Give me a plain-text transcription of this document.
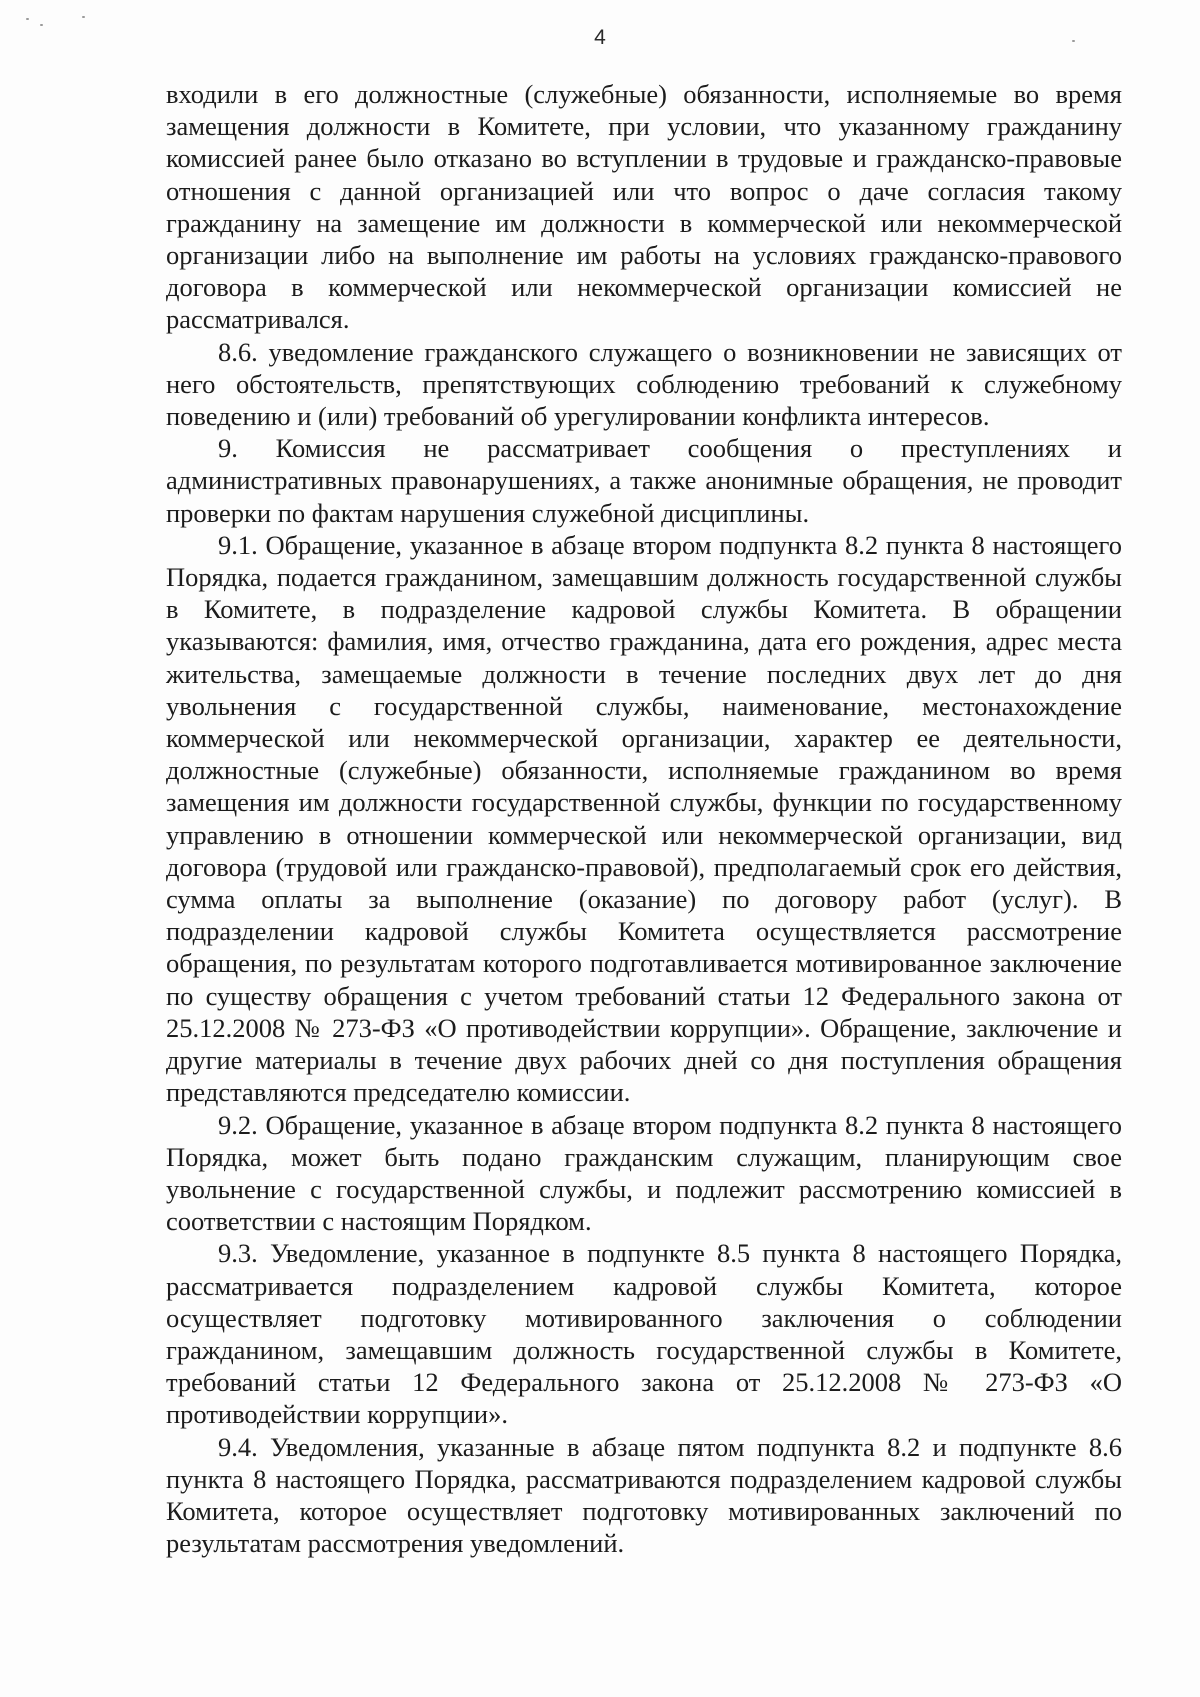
4

входили в его должностные (служебные) обязанности, исполняемые во время замещения должности в Комитете, при условии, что указанному гражданину комиссией ранее было отказано во вступлении в трудовые и гражданско-правовые отношения с данной организацией или что вопрос о даче согласия такому гражданину на замещение им должности в коммерческой или некоммерческой организации либо на выполнение им работы на условиях гражданско-правового договора в коммерческой или некоммерческой организации комиссией не рассматривался.

8.6. уведомление гражданского служащего о возникновении не зависящих от него обстоятельств, препятствующих соблюдению требований к служебному поведению и (или) требований об урегулировании конфликта интересов.

9. Комиссия не рассматривает сообщения о преступлениях и административных правонарушениях, а также анонимные обращения, не проводит проверки по фактам нарушения служебной дисциплины.

9.1. Обращение, указанное в абзаце втором подпункта 8.2 пункта 8 настоящего Порядка, подается гражданином, замещавшим должность государственной службы в Комитете, в подразделение кадровой службы Комитета. В обращении указываются: фамилия, имя, отчество гражданина, дата его рождения, адрес места жительства, замещаемые должности в течение последних двух лет до дня увольнения с государственной службы, наименование, местонахождение коммерческой или некоммерческой организации, характер ее деятельности, должностные (служебные) обязанности, исполняемые гражданином во время замещения им должности государственной службы, функции по государственному управлению в отношении коммерческой или некоммерческой организации, вид договора (трудовой или гражданско-правовой), предполагаемый срок его действия, сумма оплаты за выполнение (оказание) по договору работ (услуг). В подразделении кадровой службы Комитета осуществляется рассмотрение обращения, по результатам которого подготавливается мотивированное заключение по существу обращения с учетом требований статьи 12 Федерального закона от 25.12.2008 № 273-ФЗ «О противодействии коррупции». Обращение, заключение и другие материалы в течение двух рабочих дней со дня поступления обращения представляются председателю комиссии.

9.2. Обращение, указанное в абзаце втором подпункта 8.2 пункта 8 настоящего Порядка, может быть подано гражданским служащим, планирующим свое увольнение с государственной службы, и подлежит рассмотрению комиссией в соответствии с настоящим Порядком.

9.3. Уведомление, указанное в подпункте 8.5 пункта 8 настоящего Порядка, рассматривается подразделением кадровой службы Комитета, которое осуществляет подготовку мотивированного заключения о соблюдении гражданином, замещавшим должность государственной службы в Комитете, требований статьи 12 Федерального закона от 25.12.2008 № 273-ФЗ «О противодействии коррупции».

9.4. Уведомления, указанные в абзаце пятом подпункта 8.2 и подпункте 8.6 пункта 8 настоящего Порядка, рассматриваются подразделением кадровой службы Комитета, которое осуществляет подготовку мотивированных заключений по результатам рассмотрения уведомлений.
